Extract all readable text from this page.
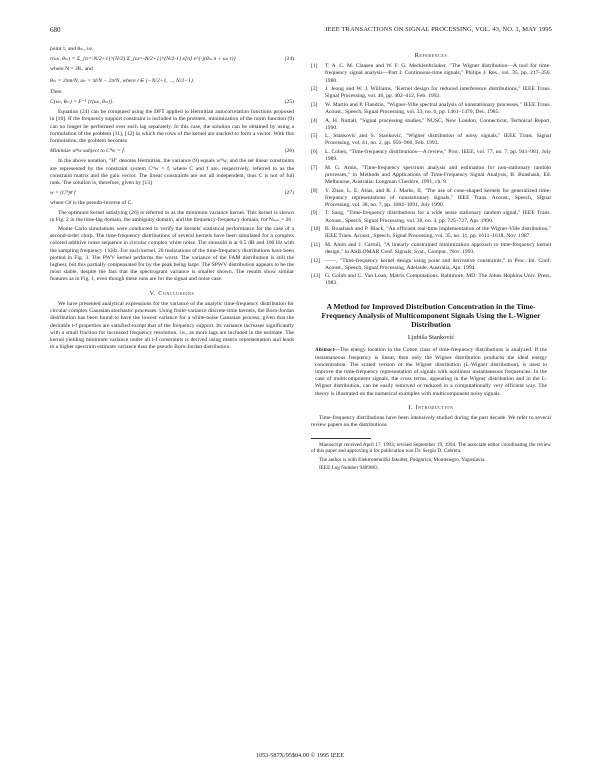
680	IEEE TRANSACTIONS ON SIGNAL PROCESSING, VOL. 43, NO. 3, MAY 1995

point τ, and θₘ, i.e.

r(ωₗ, θₘ) = Σ_{n=-N/2+1}^{N/2} Σ_{ω=-N/2+1}^{N/2-1} x[n] e^{-j(θₘ n + ωₗ τ)}	(24)

where N = 2K, and

θₘ = 2πm/N, ωₗ = πl/N − 2π/N, where l ∈ {−N/2+1, ..., N/2−1}.

Then

C(ωₗ, θₘ) = F⁻¹ {r(ωₗ, θₘ)}.	(25)

Equation (24) can be computed using the DFT applied to Hermitian autocorrelation functions proposed in [10]. If the frequency support constraint is included in the problem, minimization of the norm function (9) can no longer be performed over each lag separately. In this case, the solution can be obtained by using a formulation of the problem [11], [12] in which the rows of the kernel are stacked to form a vector. With this formulation, the problem becomes

Minimize wᴴw subject to Cᴴw = f.	(26)

In the above notation, "H" denotes Hermitian, the variance (9) equals wᴴw, and the set linear constraints are represented by the constraint system Cᴴw = f, where C and f are, respectively, referred to as the constraint matrix and the gain vector. The linear constraints are not all independent, thus C is not of full rank. The solution is, therefore, given by [13]

w = (Cᴴ)# f	(27)

where C# is the pseudo-inverse of C.

The optimum kernel satisfying (26) is referred to as the minimum variance kernel. This kernel is shown in Fig. 2 in the time-lag domain, the ambiguity domain, and the frequency-frequency domain, for Nₘᵢₙ = 26.

Monte Carlo simulations were conducted to verify the kernels' statistical performance for the case of a second-order chirp. The time-frequency distributions of several kernels have been simulated for a complex colored additive noise sequence in circular complex white noise. The sinusoid is at 0.5 dB and 100 Hz with the sampling frequency 1 kHz. For each kernel, 20 realizations of the time-frequency distributions have been plotted in Fig. 3. The PWV kernel performs the worst. The variance of the FAM distribution is still the highest, but this partially compensated for by the peak being large. The SPWV distribution appears to be the most stable, despite the fact that the spectrogram variance is smaller shown. The results show similar features as in Fig. 1, even though these runs are for the signal and noise case.

V. Conclusions

We have presented analytical expressions for the variance of the analytic time-frequency distribution for circular complex Gaussian stochastic processes. Using finite-variance discrete-time kernels, the Born-Jordan distribution has been found to have the lowest variance for a white-noise Gaussian process, given that the desirable t-f properties are satisfied except that of the frequency support. Its variance increases significantly with a small fraction for increased frequency resolution, i.e., as more lags are included in the estimate. The kernel yielding minimum variance under all t-f constraints is derived using matrix representation and leads to a higher spectrum estimate variance than the pseudo Born-Jordan distribution.

References
[1]	T. A. C. M. Claasen and W. F. G. Mecklenbräuker, "The Wigner distribution—A tool for time-frequency signal analysis—Part I: Continuous-time signals," Philips J. Res., vol. 35, pp. 217–250, 1980.
[2]	J. Jeong and W. J. Williams, "Kernel design for reduced interference distributions," IEEE Trans. Signal Processing, vol. 40, pp. 402–412, Feb. 1992.
[3]	W. Martin and P. Flandrin, "Wigner-Ville spectral analysis of nonstationary processes," IEEE Trans. Acoust., Speech, Signal Processing, vol. 33, no. 6, pp. 1461–1470, Dec. 1985.
[4]	A. H. Nuttall, "Signal processing studies," NUSC, New London, Connecticut, Technical Report, 1990.
[5]	L. Stanković and S. Stanković, "Wigner distribution of noisy signals," IEEE Trans. Signal Processing, vol. 41, no. 2, pp. 956–960, Feb. 1993.
[6]	L. Cohen, "Time-frequency distributions—A review," Proc. IEEE, vol. 77, no. 7, pp. 941–981, July 1989.
[7]	M. G. Amin, "Time-frequency spectrum analysis and estimation for non-stationary random processes," in Methods and Applications of Time-Frequency Signal Analysis, B. Boashash, Ed. Melbourne, Australia: Longman Cheshire, 1991, ch. 9.
[8]	Y. Zhao, L. E. Atlas, and R. J. Marks, II, "The use of cone-shaped kernels for generalized time-frequency representations of nonstationary signals," IEEE Trans. Acoust., Speech, Signal Processing, vol. 38, no. 7, pp. 1084–1091, July 1990.
[9]	T. Sang, "Time-frequency distributions for a wide sense stationary random signal," IEEE Trans. Acoust., Speech, Signal Processing, vol. 38, no. 4, pp. 725–727, Apr. 1990.
[10] B. Boashash and P. Black, "An efficient real-time implementation of the Wigner-Ville distribution," IEEE Trans. Acoust., Speech, Signal Processing, vol. 35, no. 11, pp. 1611–1618, Nov. 1987.
[11] M. Amin and J. Carroll, "A linearly constrained minimization approach to time-frequency kernel design," in ASILOMAR Conf. Signals, Syst., Comput., Nov. 1993.
[12] ——, "Time-frequency kernel design using point and derivative constraints," in Proc. Int. Conf. Acoust., Speech, Signal Processing, Adelaide, Australia, Apr. 1994.
[13] G. Golub and C. Van Loan, Matrix Computations. Baltimore, MD: The Johns Hopkins Univ. Press, 1983.
A Method for Improved Distribution Concentration in the Time-Frequency Analysis of Multicomponent Signals Using the L-Wigner Distribution
Ljubiša Stanković
Abstract—The energy location in the Cohen class of time-frequency distributions is analyzed. If the instantaneous frequency is linear, then only the Wigner distribution produces the ideal energy concentration. The scaled version of the Wigner distribution (L-Wigner distribution), is used to improve the time-frequency representation of signals with nonlinear instantaneous frequencies. In the case of multicomponent signals, the cross terms, appearing in the Wigner distribution and in the L-Wigner distribution, can be easily removed or reduced in a computationally very efficient way. The theory is illustrated on the numerical examples with multicomponent noisy signals.
I. Introduction

Time-frequency distributions have been intensively studied during the past decade. We refer to several review papers on the distributions

Manuscript received April 17, 1993; revised September 19, 1994. The associate editor coordinating the review of this paper and approving it for publication was Dr. Sergio D. Cabrera.

The author is with Elektrotehnički fakultet, Podgorica, Montenegro, Yugoslavia.

IEEE Log Number 9409083.

1053-587X/95$04.00 © 1995 IEEE
